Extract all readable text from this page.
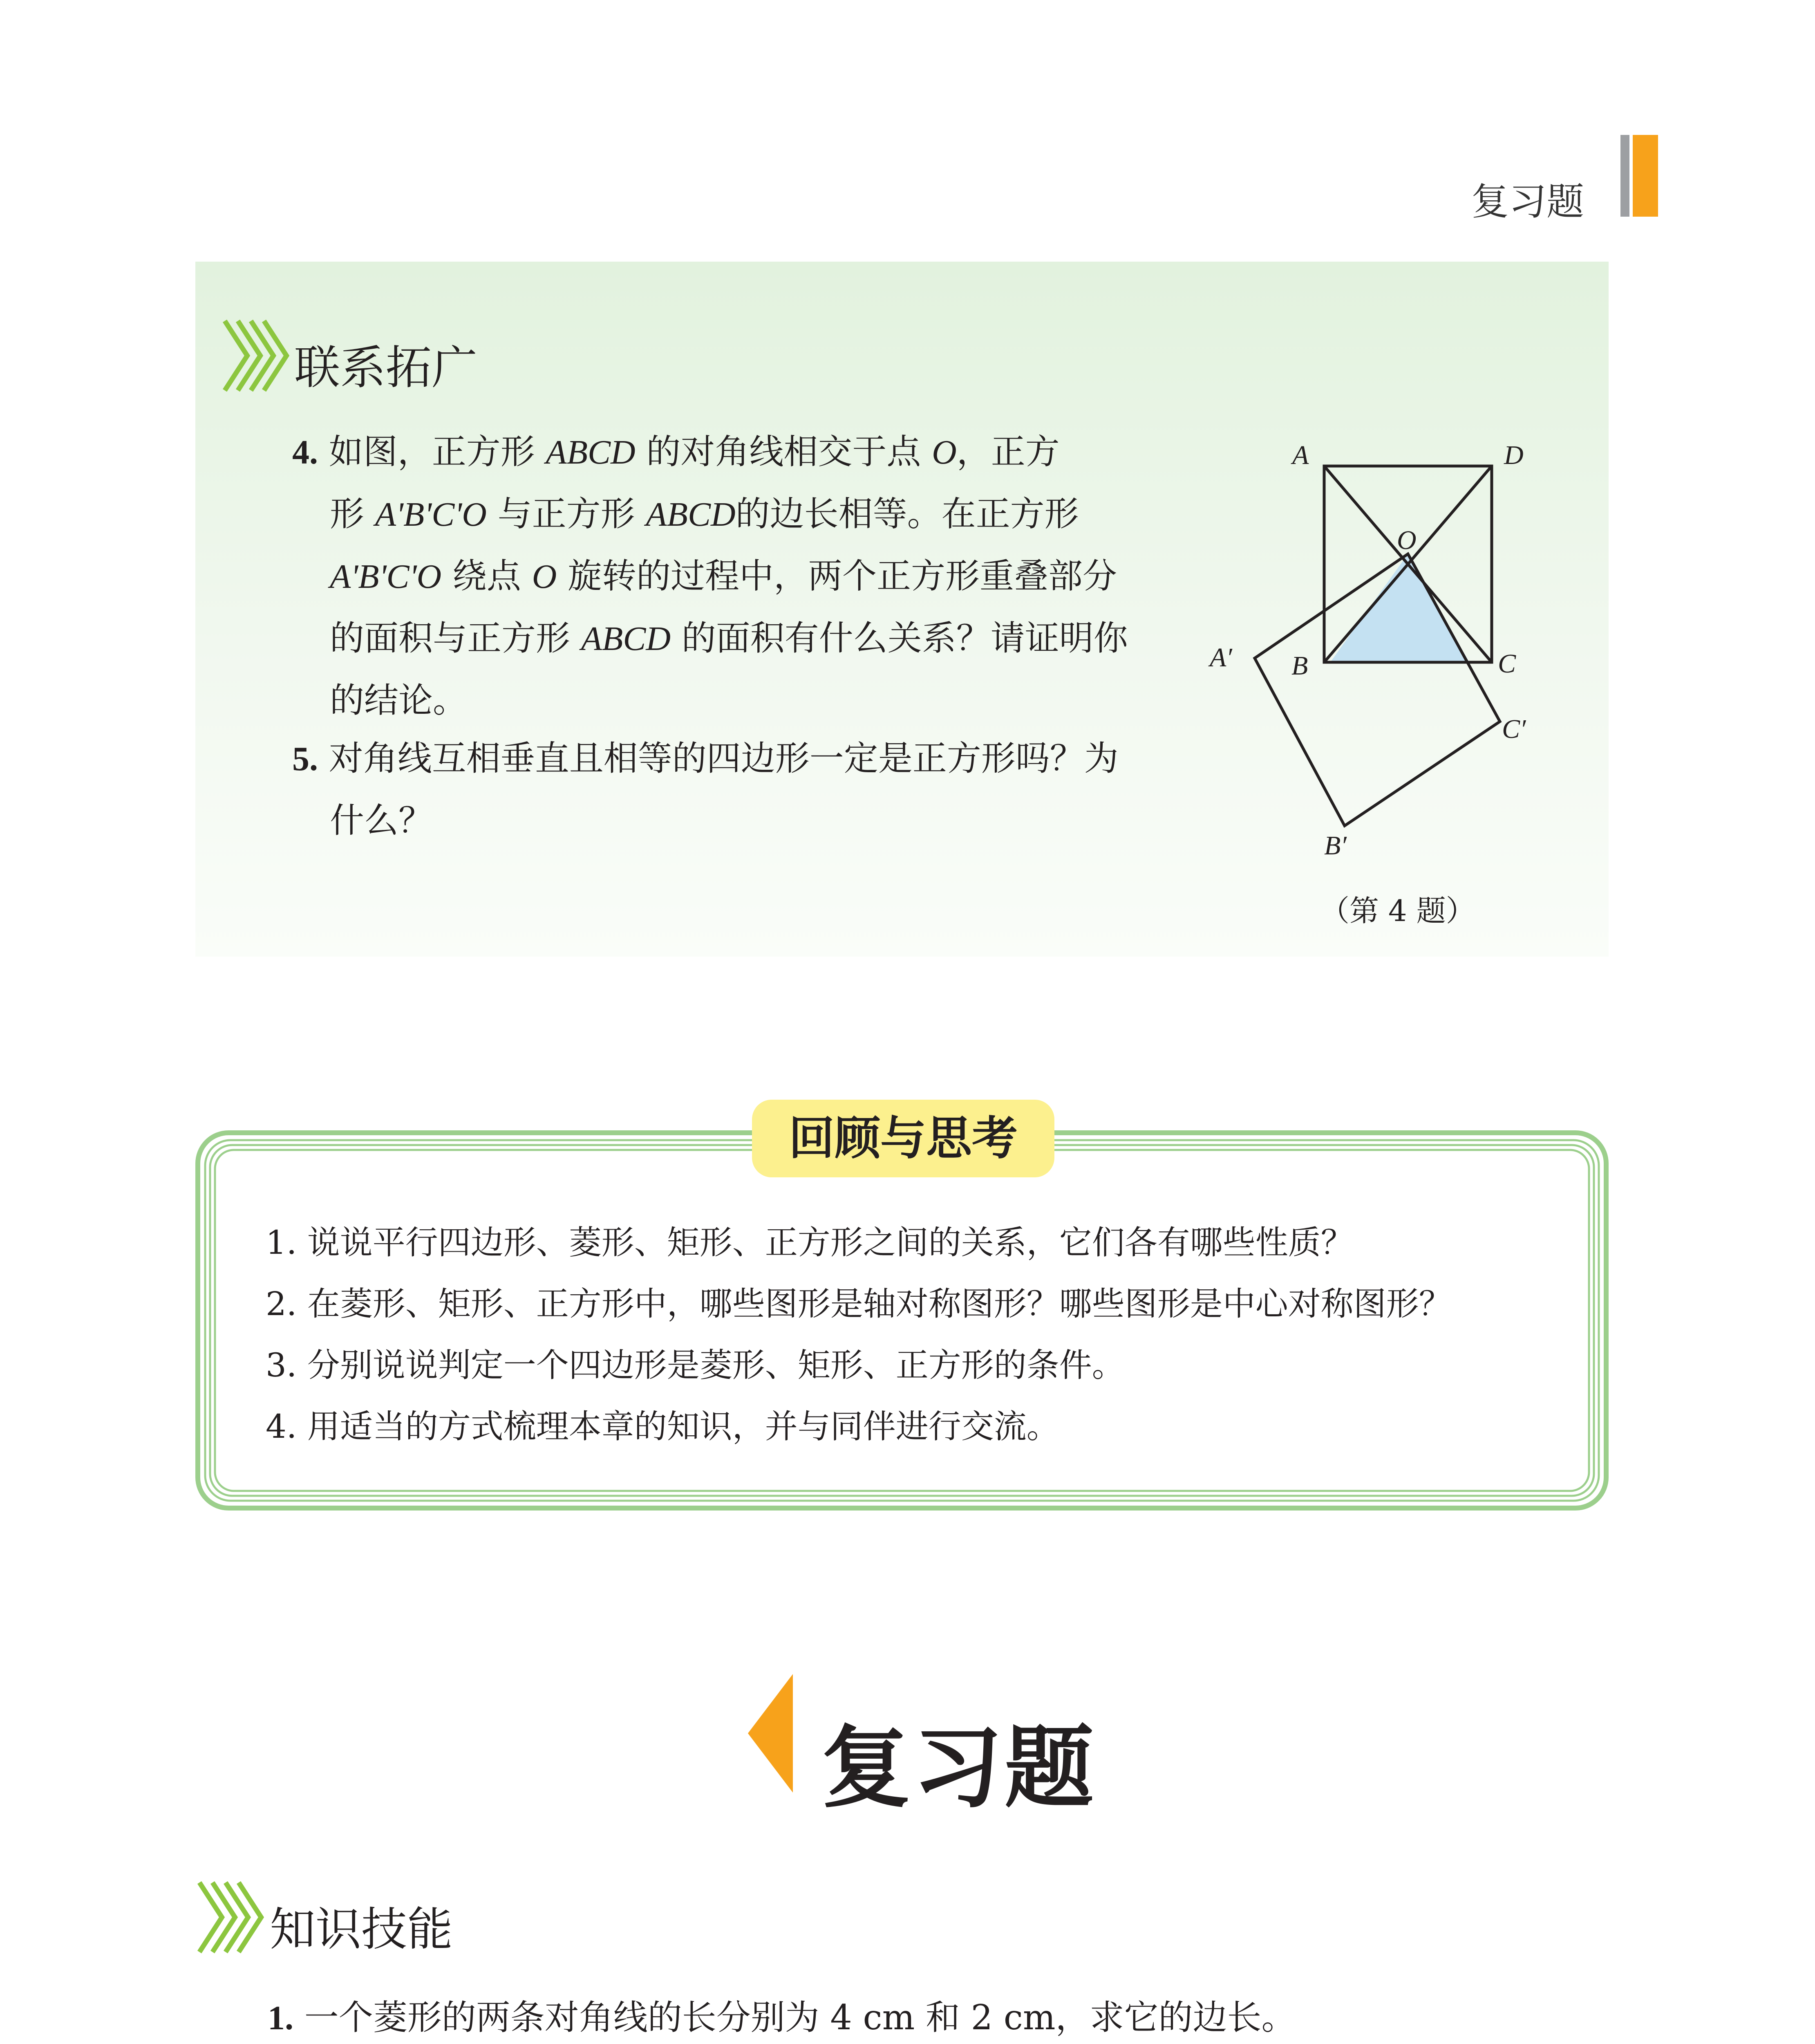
复习题
联系拓广
4. 如图，正方形 ABCD 的对角线相交于点 O，正方
形 A'B'C'O 与正方形 ABCD的边长相等。在正方形
A'B'C'O 绕点 O 旋转的过程中，两个正方形重叠部分
的面积与正方形 ABCD 的面积有什么关系？请证明你
的结论。
5. 对角线互相垂直且相等的四边形一定是正方形吗？为
什么？
A	D
O
B	C
A′
C′
B′
（第 4 题）
回顾与思考
1. 说说平行四边形、菱形、矩形、正方形之间的关系，它们各有哪些性质？
2. 在菱形、矩形、正方形中，哪些图形是轴对称图形？哪些图形是中心对称图形？
3. 分别说说判定一个四边形是菱形、矩形、正方形的条件。
4. 用适当的方式梳理本章的知识，并与同伴进行交流。
复习题
知识技能
1. 一个菱形的两条对角线的长分别为 4 cm 和 2 cm，求它的边长。
